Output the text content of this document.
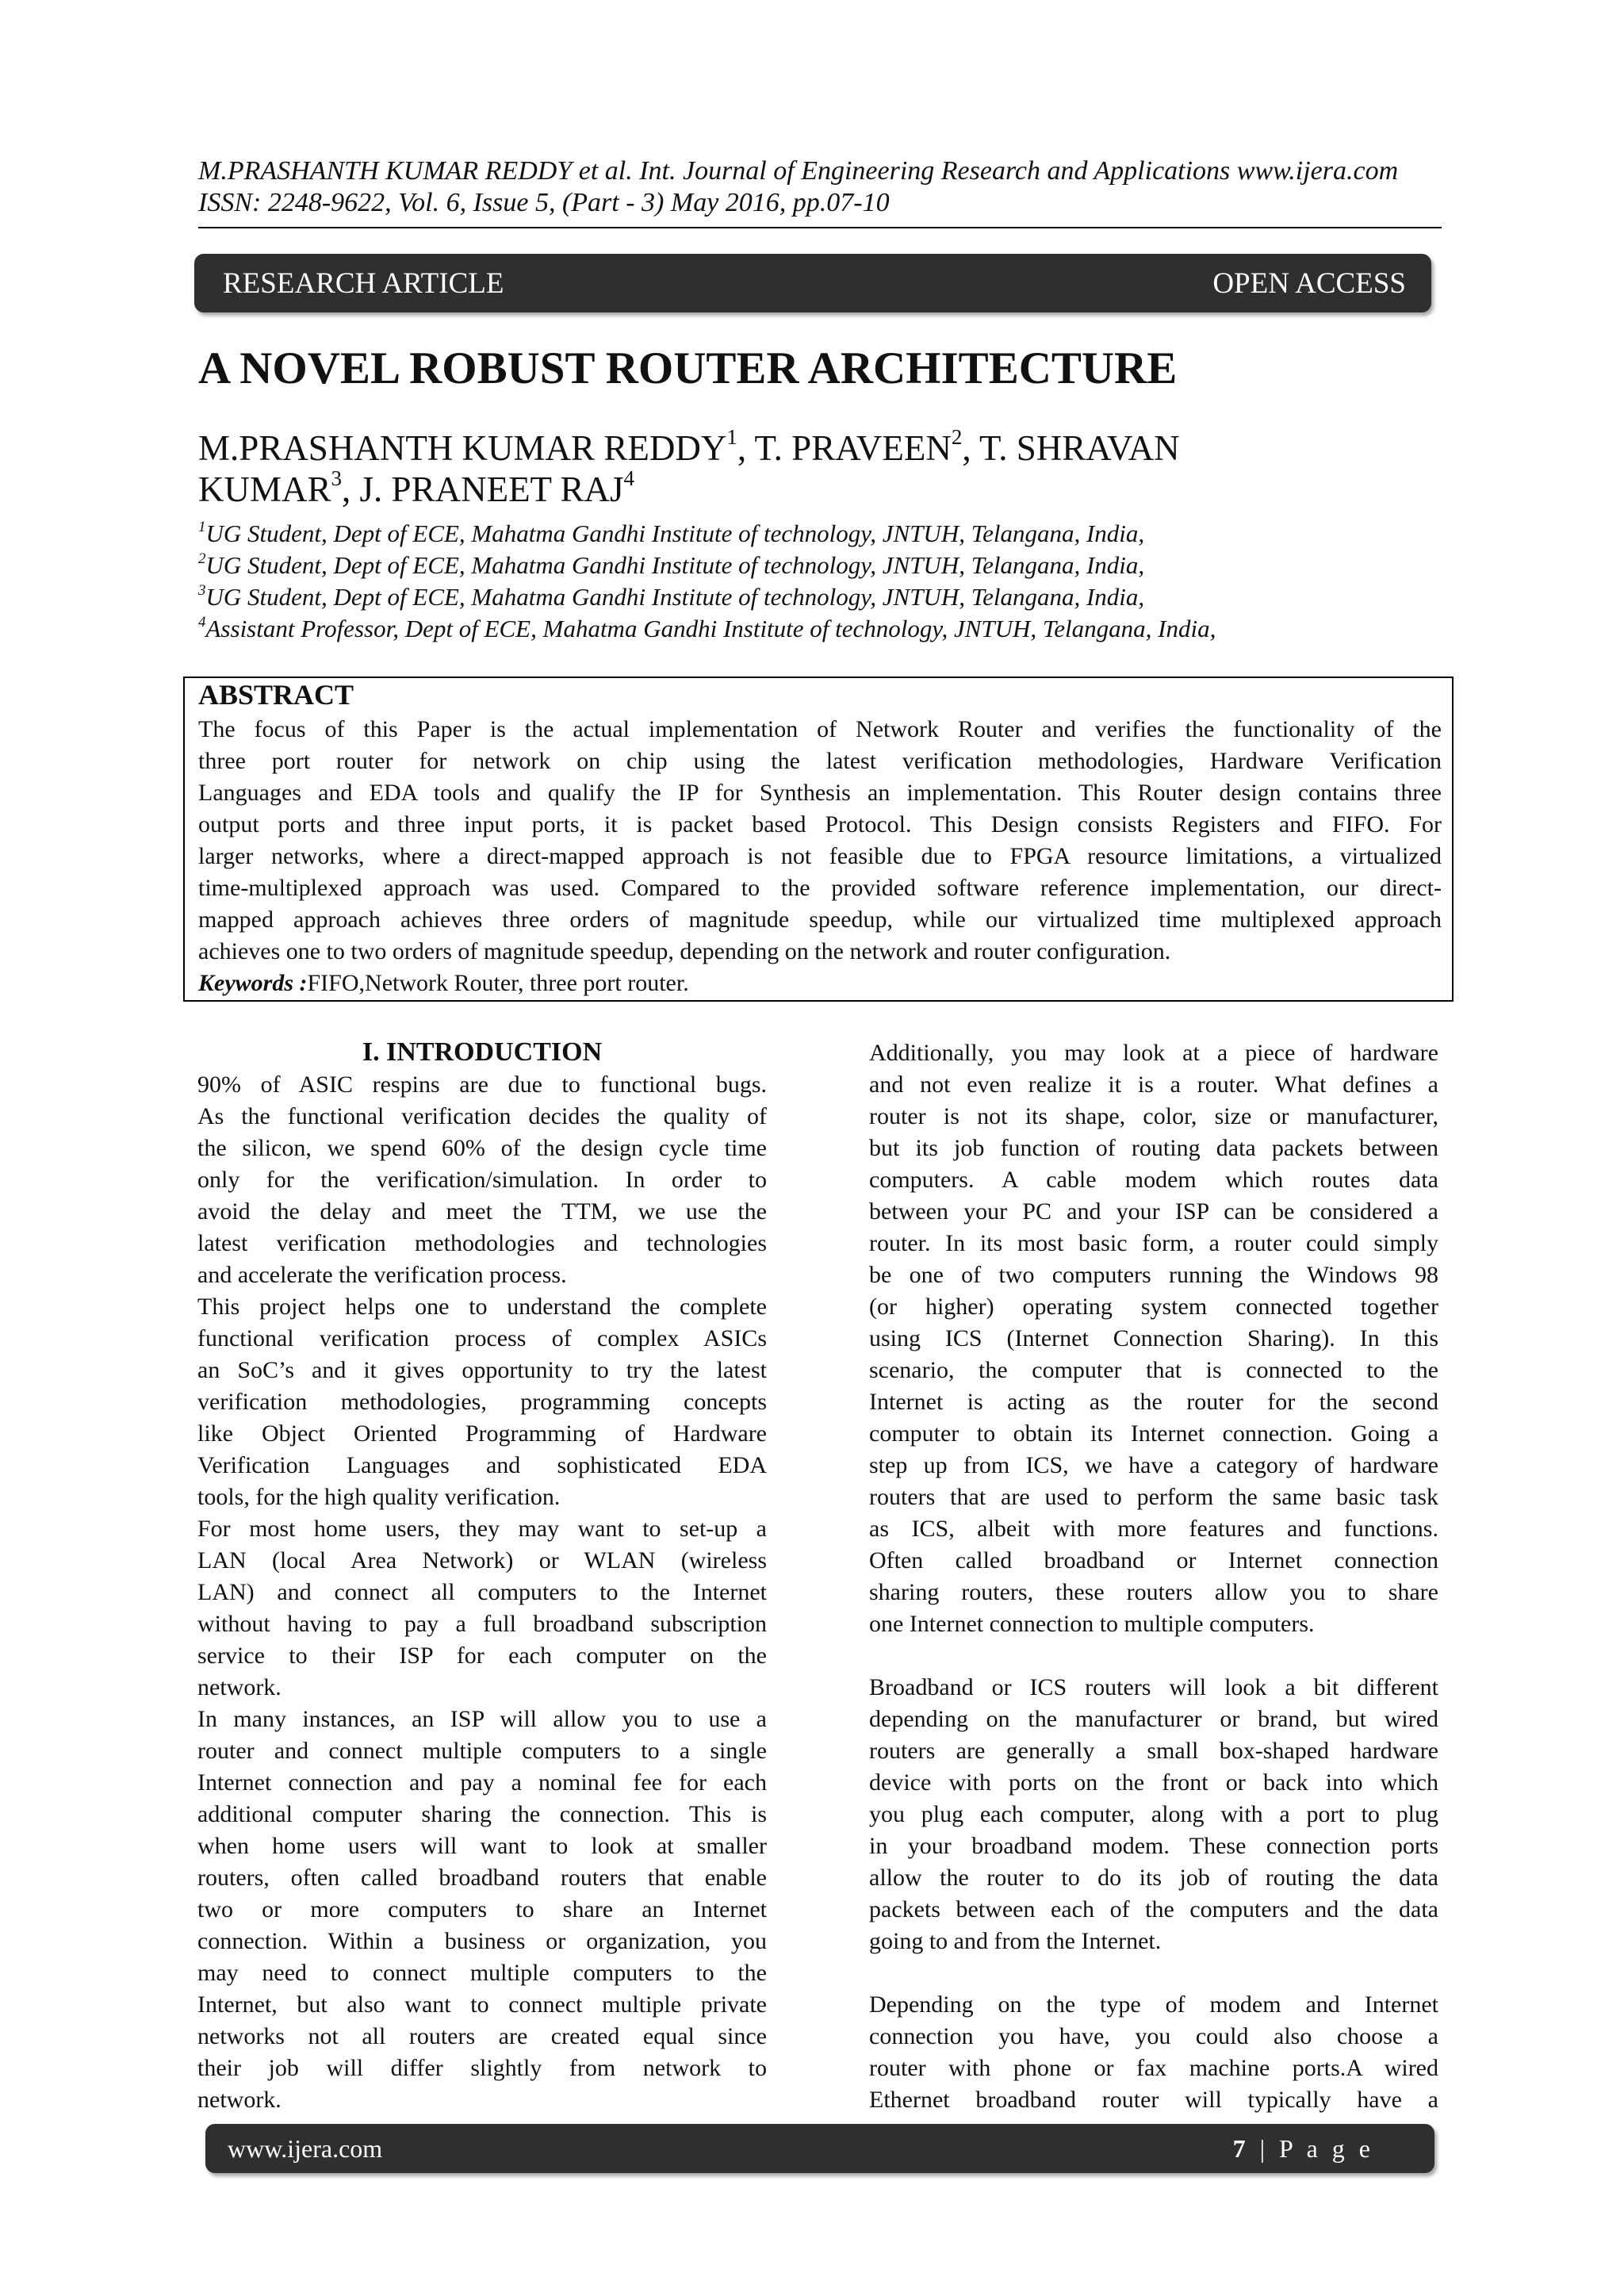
M.PRASHANTH KUMAR REDDY et al. Int. Journal of Engineering Research and Applications www.ijera.com
ISSN: 2248-9622, Vol. 6, Issue 5, (Part - 3) May 2016, pp.07-10
RESEARCH ARTICLE	OPEN ACCESS
A NOVEL ROBUST ROUTER ARCHITECTURE
M.PRASHANTH KUMAR REDDY$^1$, T. PRAVEEN$^2$, T. SHRAVAN
KUMAR$^3$, J. PRANEET RAJ$^4$
$^1$UG Student, Dept of ECE, Mahatma Gandhi Institute of technology, JNTUH, Telangana, India,
$^2$UG Student, Dept of ECE, Mahatma Gandhi Institute of technology, JNTUH, Telangana, India,
$^3$UG Student, Dept of ECE, Mahatma Gandhi Institute of technology, JNTUH, Telangana, India,
$^4$Assistant Professor, Dept of ECE, Mahatma Gandhi Institute of technology, JNTUH, Telangana, India,
ABSTRACT
The focus of this Paper is the actual implementation of Network Router and verifies the functionality of the
three port router for network on chip using the latest verification methodologies, Hardware Verification
Languages and EDA tools and qualify the IP for Synthesis an implementation. This Router design contains three
output ports and three input ports, it is packet based Protocol. This Design consists Registers and FIFO. For
larger networks, where a direct-mapped approach is not feasible due to FPGA resource limitations, a virtualized
time-multiplexed approach was used. Compared to the provided software reference implementation, our direct-
mapped approach achieves three orders of magnitude speedup, while our virtualized time multiplexed approach
achieves one to two orders of magnitude speedup, depending on the network and router configuration.
Keywords :FIFO,Network Router, three port router.
I. INTRODUCTION
90% of ASIC respins are due to functional bugs.
As the functional verification decides the quality of
the silicon, we spend 60% of the design cycle time
only for the verification/simulation. In order to
avoid the delay and meet the TTM, we use the
latest verification methodologies and technologies
and accelerate the verification process.
This project helps one to understand the complete
functional verification process of complex ASICs
an SoC’s and it gives opportunity to try the latest
verification methodologies, programming concepts
like Object Oriented Programming of Hardware
Verification Languages and sophisticated EDA
tools, for the high quality verification.
For most home users, they may want to set-up a
LAN (local Area Network) or WLAN (wireless
LAN) and connect all computers to the Internet
without having to pay a full broadband subscription
service to their ISP for each computer on the
network.
In many instances, an ISP will allow you to use a
router and connect multiple computers to a single
Internet connection and pay a nominal fee for each
additional computer sharing the connection. This is
when home users will want to look at smaller
routers, often called broadband routers that enable
two or more computers to share an Internet
connection. Within a business or organization, you
may need to connect multiple computers to the
Internet, but also want to connect multiple private
networks not all routers are created equal since
their job will differ slightly from network to
network.
Additionally, you may look at a piece of hardware
and not even realize it is a router. What defines a
router is not its shape, color, size or manufacturer,
but its job function of routing data packets between
computers. A cable modem which routes data
between your PC and your ISP can be considered a
router. In its most basic form, a router could simply
be one of two computers running the Windows 98
(or higher) operating system connected together
using ICS (Internet Connection Sharing). In this
scenario, the computer that is connected to the
Internet is acting as the router for the second
computer to obtain its Internet connection. Going a
step up from ICS, we have a category of hardware
routers that are used to perform the same basic task
as ICS, albeit with more features and functions.
Often called broadband or Internet connection
sharing routers, these routers allow you to share
one Internet connection to multiple computers.
Broadband or ICS routers will look a bit different
depending on the manufacturer or brand, but wired
routers are generally a small box-shaped hardware
device with ports on the front or back into which
you plug each computer, along with a port to plug
in your broadband modem. These connection ports
allow the router to do its job of routing the data
packets between each of the computers and the data
going to and from the Internet.
Depending on the type of modem and Internet
connection you have, you could also choose a
router with phone or fax machine ports.A wired
Ethernet broadband router will typically have a
www.ijera.com	7 | P a g e
